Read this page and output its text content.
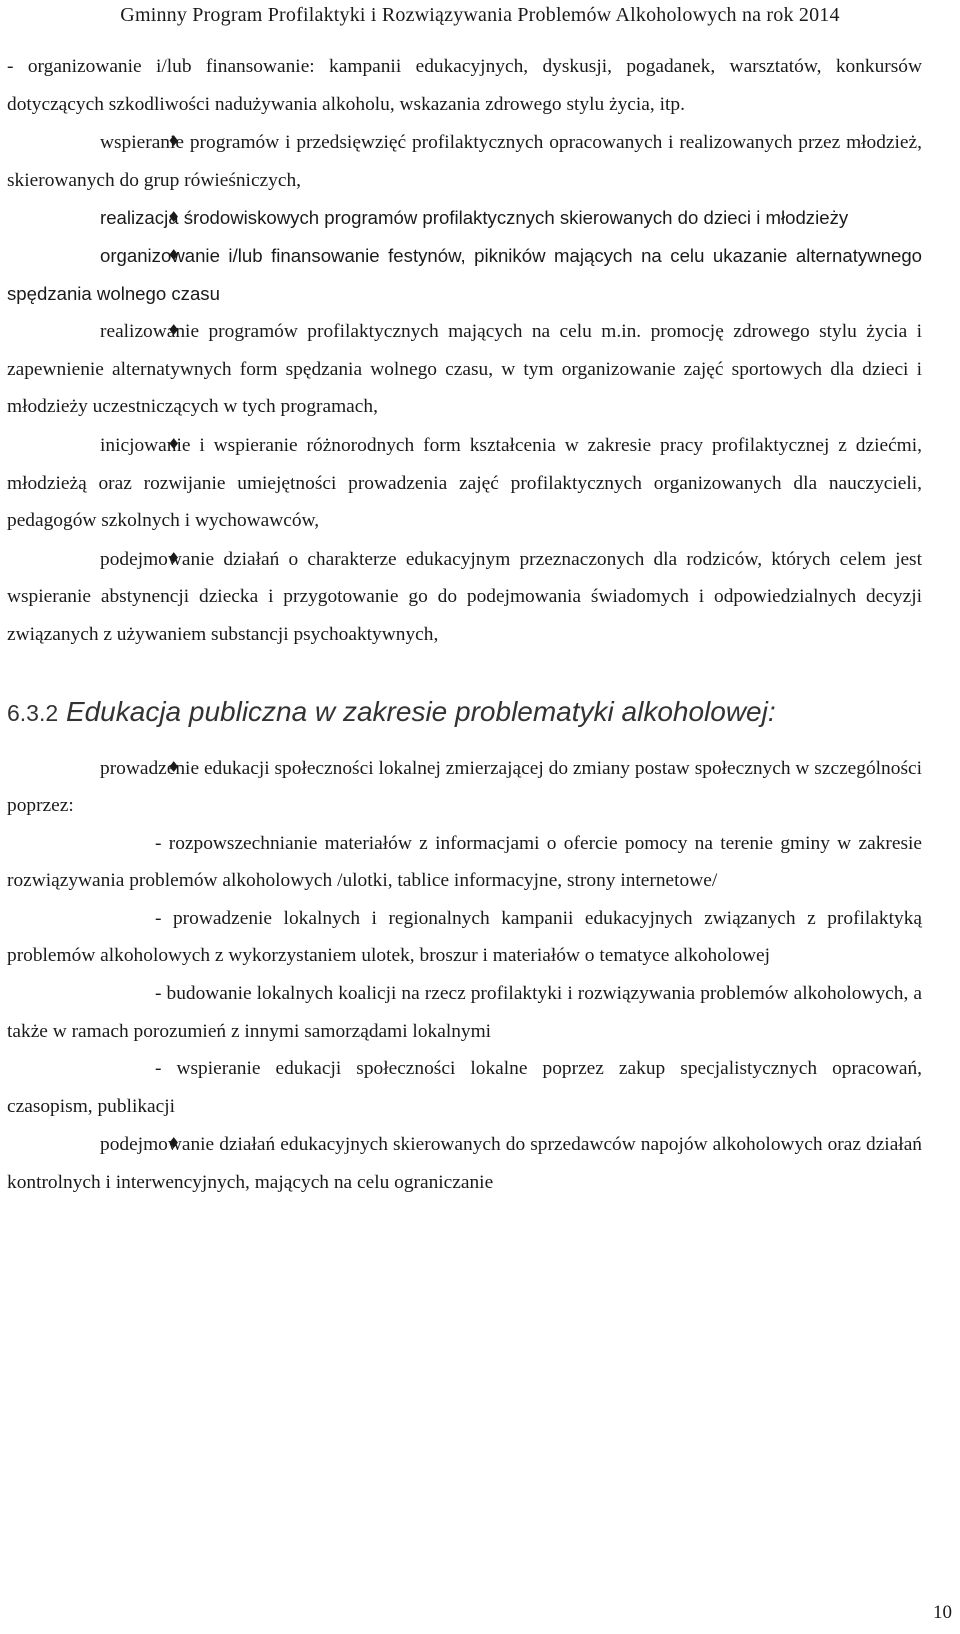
Gminny Program Profilaktyki i Rozwiązywania Problemów Alkoholowych na rok 2014

- organizowanie i/lub finansowanie: kampanii edukacyjnych, dyskusji, pogadanek, warsztatów, konkursów dotyczących szkodliwości nadużywania alkoholu, wskazania zdrowego stylu życia, itp.

♦ wspieranie programów i przedsięwzięć profilaktycznych opracowanych i realizowanych przez młodzież, skierowanych do grup rówieśniczych,

♦ realizacja środowiskowych programów profilaktycznych skierowanych do dzieci i młodzieży

♦ organizowanie i/lub finansowanie festynów, pikników mających na celu ukazanie alternatywnego spędzania wolnego czasu

♦ realizowanie programów profilaktycznych mających na celu m.in. promocję zdrowego stylu życia i zapewnienie alternatywnych form spędzania wolnego czasu, w tym organizowanie zajęć sportowych dla dzieci i młodzieży uczestniczących w tych programach,

♦ inicjowanie i wspieranie różnorodnych form kształcenia w zakresie pracy profilaktycznej z dziećmi, młodzieżą oraz rozwijanie umiejętności prowadzenia zajęć profilaktycznych organizowanych dla nauczycieli, pedagogów szkolnych i wychowawców,

♦ podejmowanie działań o charakterze edukacyjnym przeznaczonych dla rodziców, których celem jest wspieranie abstynencji dziecka i przygotowanie go do podejmowania świadomych i odpowiedzialnych decyzji związanych z używaniem substancji psychoaktywnych,

6.3.2 Edukacja publiczna w zakresie problematyki alkoholowej:

♦ prowadzenie edukacji społeczności lokalnej zmierzającej do zmiany postaw społecznych w szczególności poprzez:

- rozpowszechnianie materiałów z informacjami o ofercie pomocy na terenie gminy w zakresie rozwiązywania problemów alkoholowych /ulotki, tablice informacyjne, strony internetowe/

- prowadzenie lokalnych i regionalnych kampanii edukacyjnych związanych z profilaktyką problemów alkoholowych z wykorzystaniem ulotek, broszur i materiałów o tematyce alkoholowej

- budowanie lokalnych koalicji na rzecz profilaktyki i rozwiązywania problemów alkoholowych, a także w ramach porozumień z innymi samorządami lokalnymi

- wspieranie edukacji społeczności lokalne poprzez zakup specjalistycznych opracowań, czasopism, publikacji

♦ podejmowanie działań edukacyjnych skierowanych do sprzedawców napojów alkoholowych oraz działań kontrolnych i interwencyjnych, mających na celu ograniczanie

10
